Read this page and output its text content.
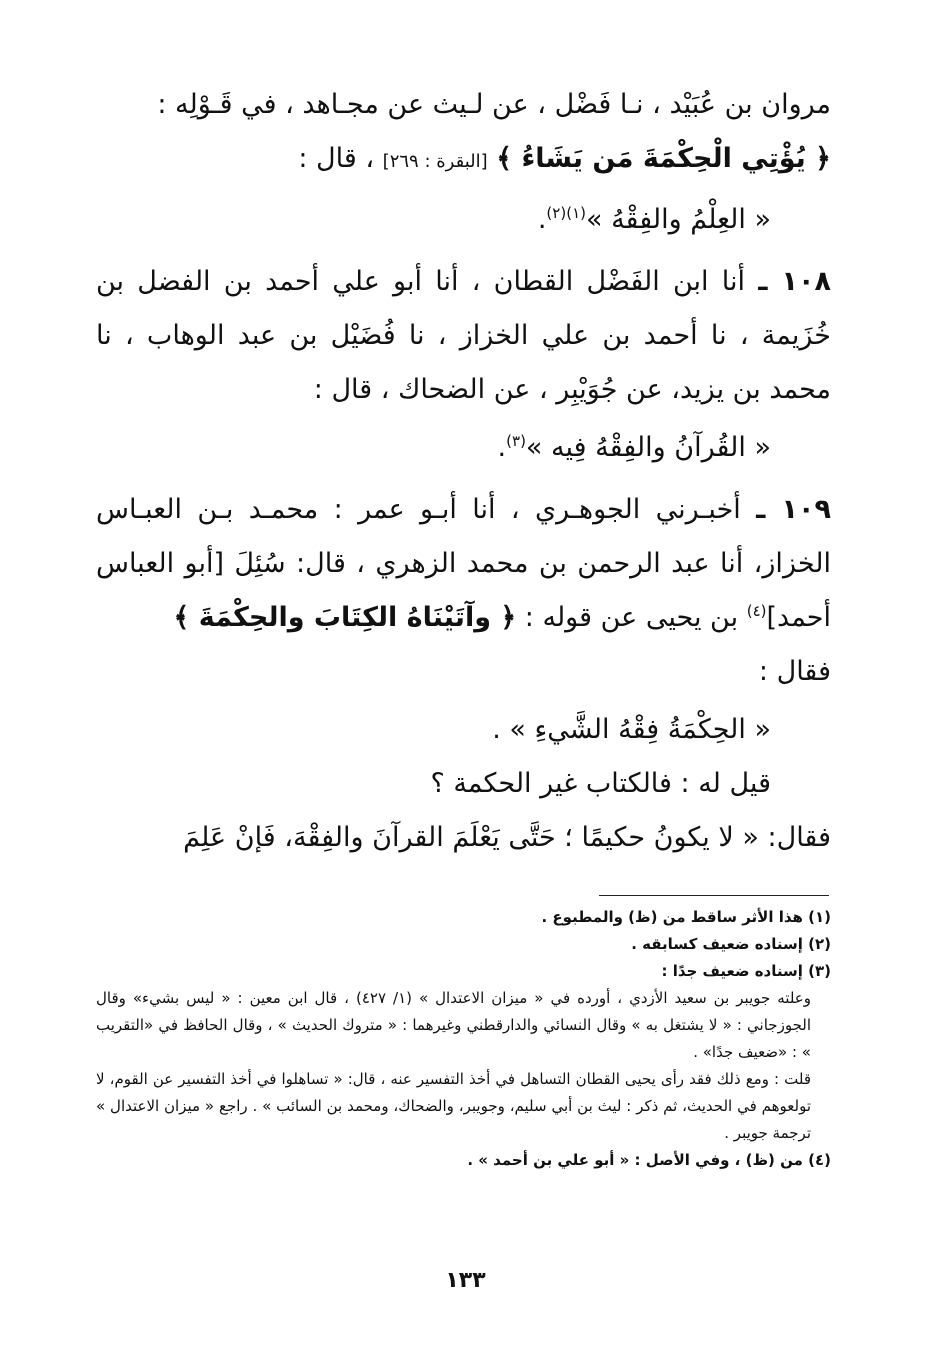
مروان بن عُبَيْد ، نـا فَضْل ، عن لـيث عن مجـاهد ، في قَـوْلِه :

﴿ يُؤْتِي الْحِكْمَةَ مَن يَشَاءُ ﴾ [البقرة : ٢٦٩] ، قال :

« العِلْمُ والفِقْهُ »$^{(١)(٢)}$.

١٠٨ ـ أنا ابن الفَضْل القطان ، أنا أبو علي أحمد بن الفضل بن خُزَيمة ، نا أحمد بن علي الخزاز ، نا فُضَيْل بن عبد الوهاب ، نا محمد بن يزيد، عن جُوَيْبِر ، عن الضحاك ، قال :

« القُرآنُ والفِقْهُ فِيه »$^{(٣)}$.

١٠٩ ـ أخبـرني الجوهـري ، أنا أبـو عمر : محمـد بـن العبـاس الخزاز، أنا عبد الرحمن بن محمد الزهري ، قال: سُئِلَ [أبو العباس أحمد]$^{(٤)}$ بن يحيى عن قوله : ﴿ وآتَيْنَاهُ الكِتَابَ والحِكْمَةَ ﴾
فقال :

« الحِكْمَةُ فِقْهُ الشَّيءِ » .

قيل له : فالكتاب غير الحكمة ؟

فقال: « لا يكونُ حكيمًا ؛ حَتَّى يَعْلَمَ القرآنَ والفِقْهَ، فَإنْ عَلِمَ

(١) هذا الأثر ساقط من (ظ) والمطبوع .

(٢) إسناده ضعيف كسابقه .

(٣) إسناده ضعيف جدًا :

وعلته جويبر بن سعيد الأزدي ، أورده في « ميزان الاعتدال » (١/ ٤٢٧) ، قال ابن معين : « ليس بشيء» وقال الجوزجاني : « لا يشتغل به » وقال النسائي والدارقطني وغيرهما : « متروك الحديث » ، وقال الحافظ في «التقريب » : «ضعيف جدًا» .

قلت : ومع ذلك فقد رأى يحيى القطان التساهل في أخذ التفسير عنه ، قال: « تساهلوا في أخذ التفسير عن القوم، لا تولعوهم في الحديث، ثم ذكر : ليث بن أبي سليم، وجويبر، والضحاك، ومحمد بن السائب » . راجع « ميزان الاعتدال » ترجمة جويبر .

(٤) من (ظ) ، وفي الأصل : « أبو علي بن أحمد » .

١٣٣
